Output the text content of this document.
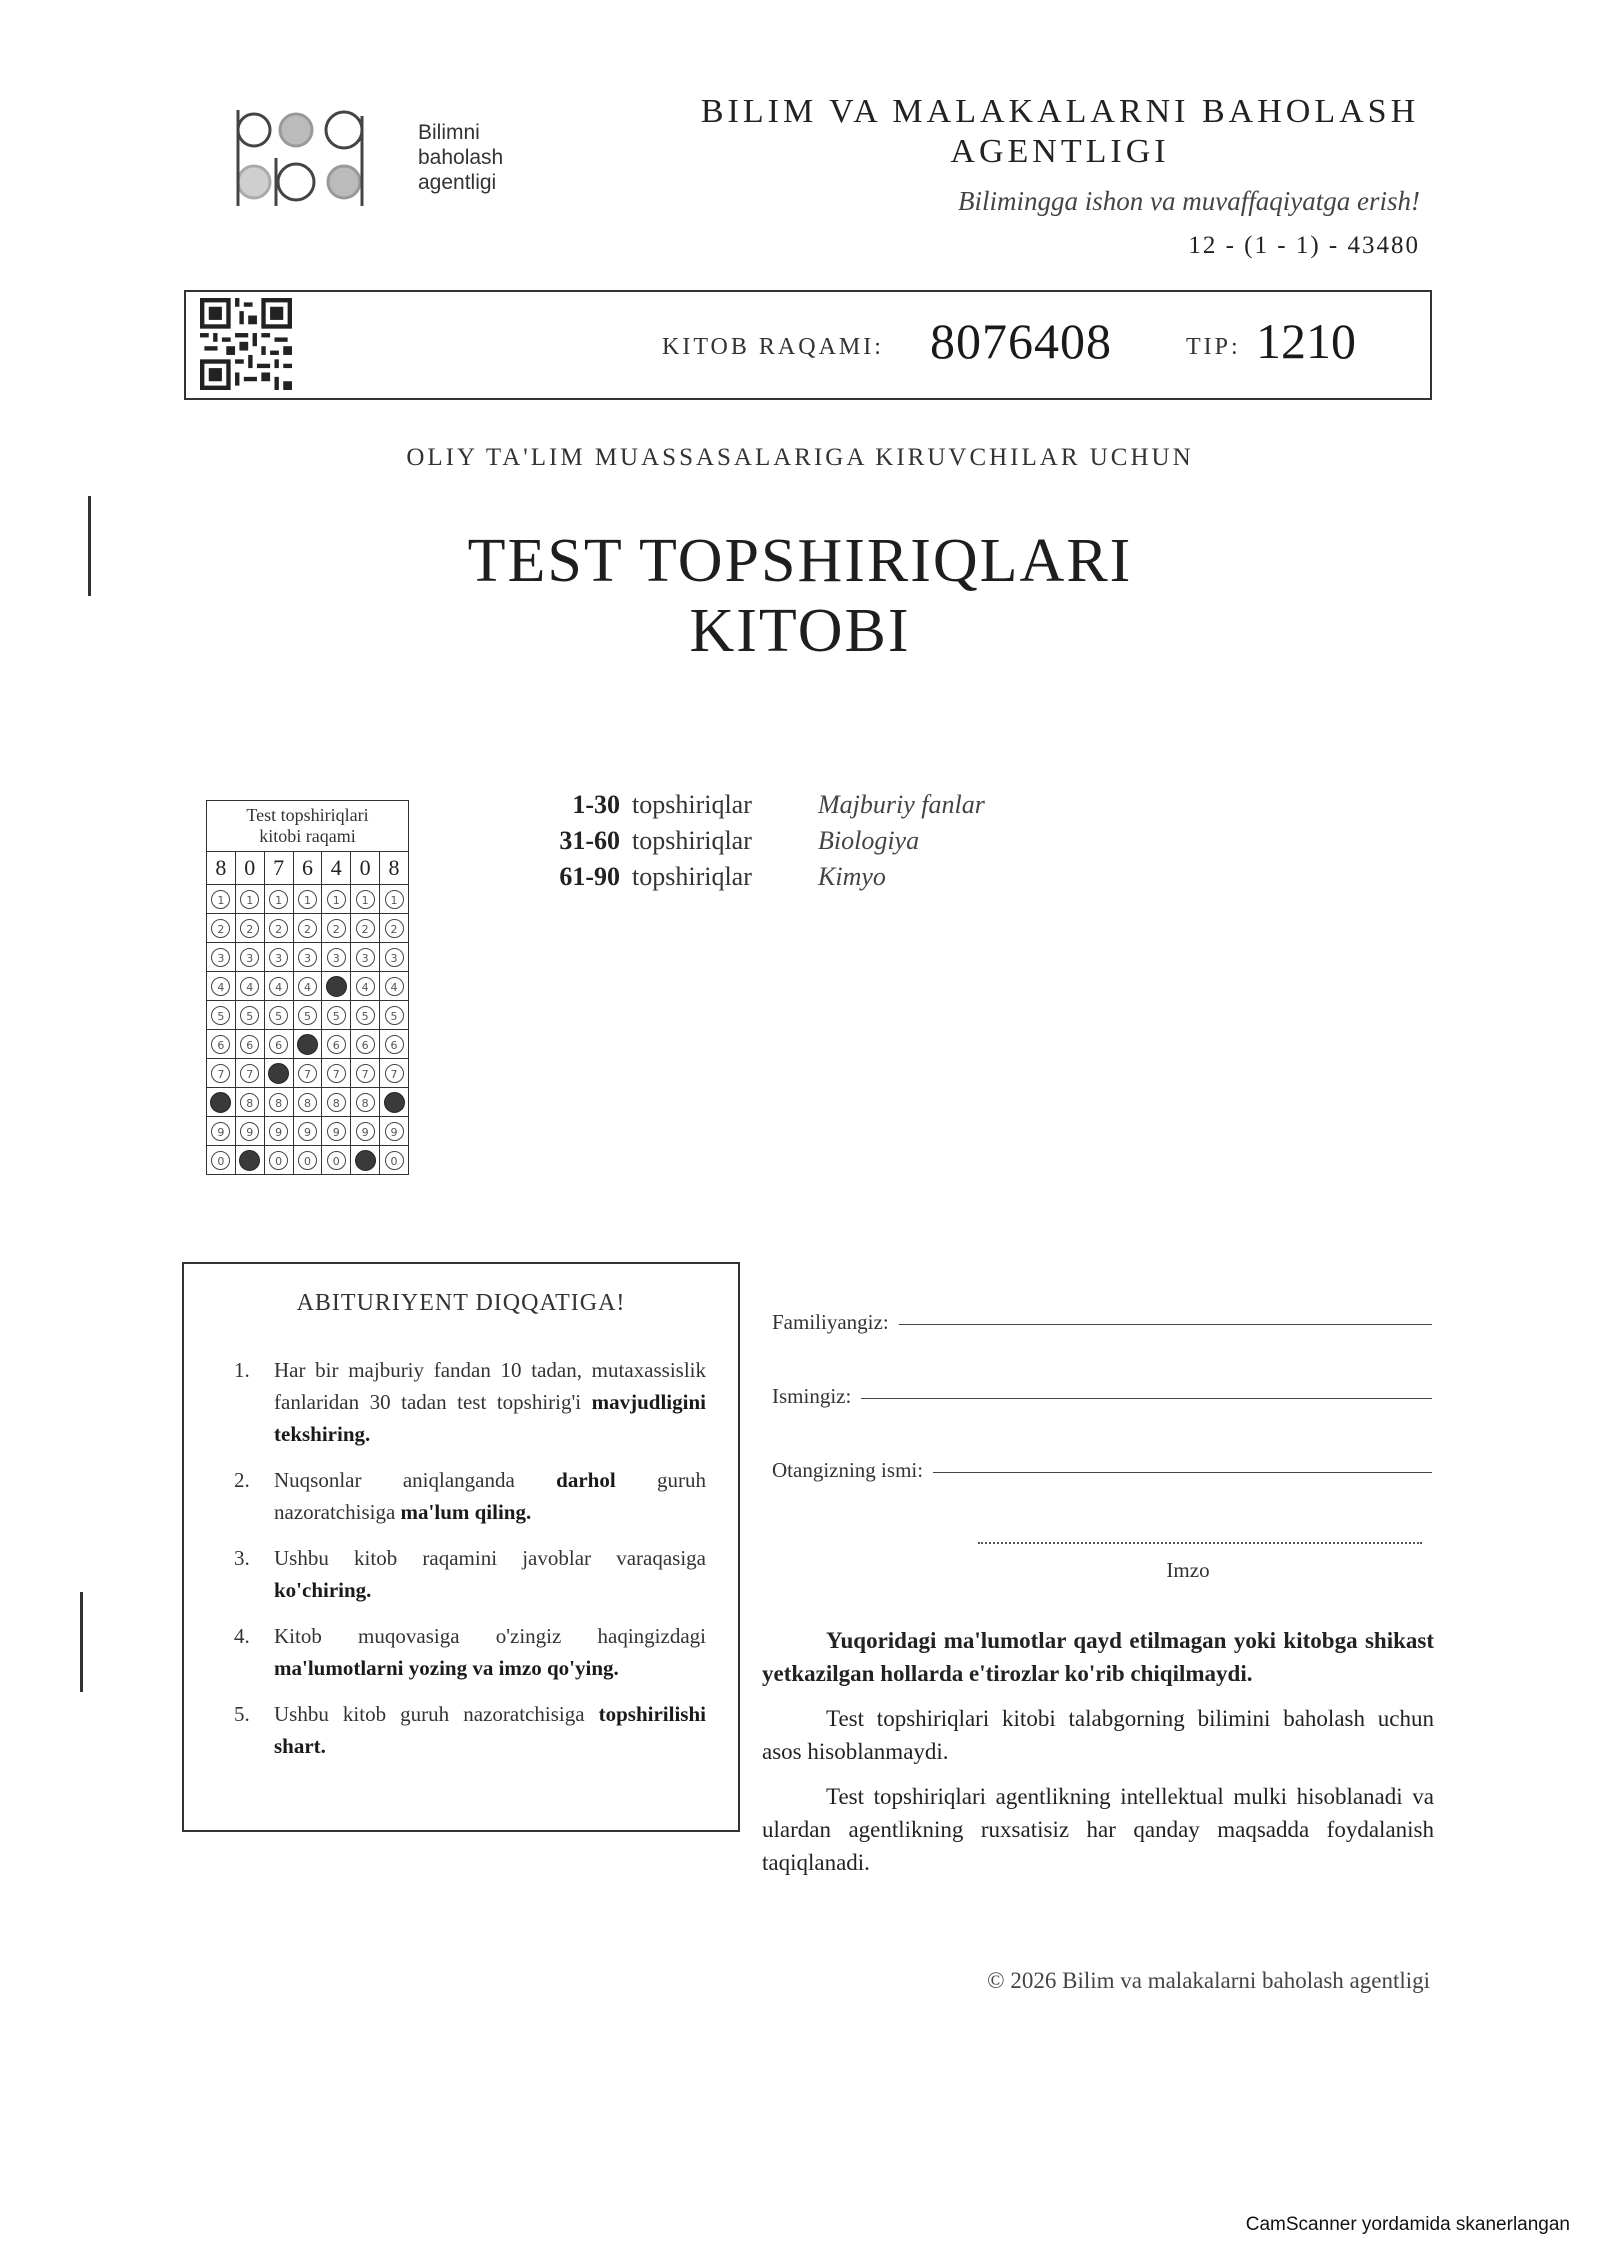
Bilimni
baholash
agentligi
BILIM VA MALAKALARNI BAHOLASH
AGENTLIGI
Bilimingga ishon va muvaffaqiyatga erish!
12 - (1 - 1) - 43480
KITOB RAQAMI: 8076408	TIP: 1210
OLIY TA'LIM MUASSASALARIGA KIRUVCHILAR UCHUN
TEST TOPSHIRIQLARI
KITOBI
Test topshiriqlari
kitobi raqami						

8	0	7	6	4	0	8
1	1	1	1	1	1	1
2	2	2	2	2	2	2
3	3	3	3	3	3	3
4	4	4	4	4	4	4
5	5	5	5	5	5	5
6	6	6	6	6	6	6
7	7	7	7	7	7	7
8	8	8	8	8	8	8
9	9	9	9	9	9	9
0	0	0	0	0	0	0
1-30 topshiriqlar	Majburiy fanlar
31-60 topshiriqlar	Biologiya
61-90 topshiriqlar	Kimyo
ABITURIYENT DIQQATIGA!
1. Har bir majburiy fandan 10 tadan, mutaxassislik fanlaridan 30 tadan test topshirig'i mavjudligini tekshiring.
2. Nuqsonlar aniqlanganda darhol guruh nazoratchisiga ma'lum qiling.
3. Ushbu kitob raqamini javoblar varaqasiga ko'chiring.
4. Kitob muqovasiga o'zingiz haqingizdagi ma'lumotlarni yozing va imzo qo'ying.
5. Ushbu kitob guruh nazoratchisiga topshirilishi shart.
Familiyangiz:
Ismingiz:
Otangizning ismi:
Imzo

Yuqoridagi ma'lumotlar qayd etilmagan yoki kitobga shikast yetkazilgan hollarda e'tirozlar ko'rib chiqilmaydi.

Test topshiriqlari kitobi talabgorning bilimini baholash uchun asos hisoblanmaydi.

Test topshiriqlari agentlikning intellektual mulki hisoblanadi va ulardan agentlikning ruxsatisiz har qanday maqsadda foydalanish taqiqlanadi.

© 2026 Bilim va malakalarni baholash agentligi
CamScanner yordamida skanerlangan
